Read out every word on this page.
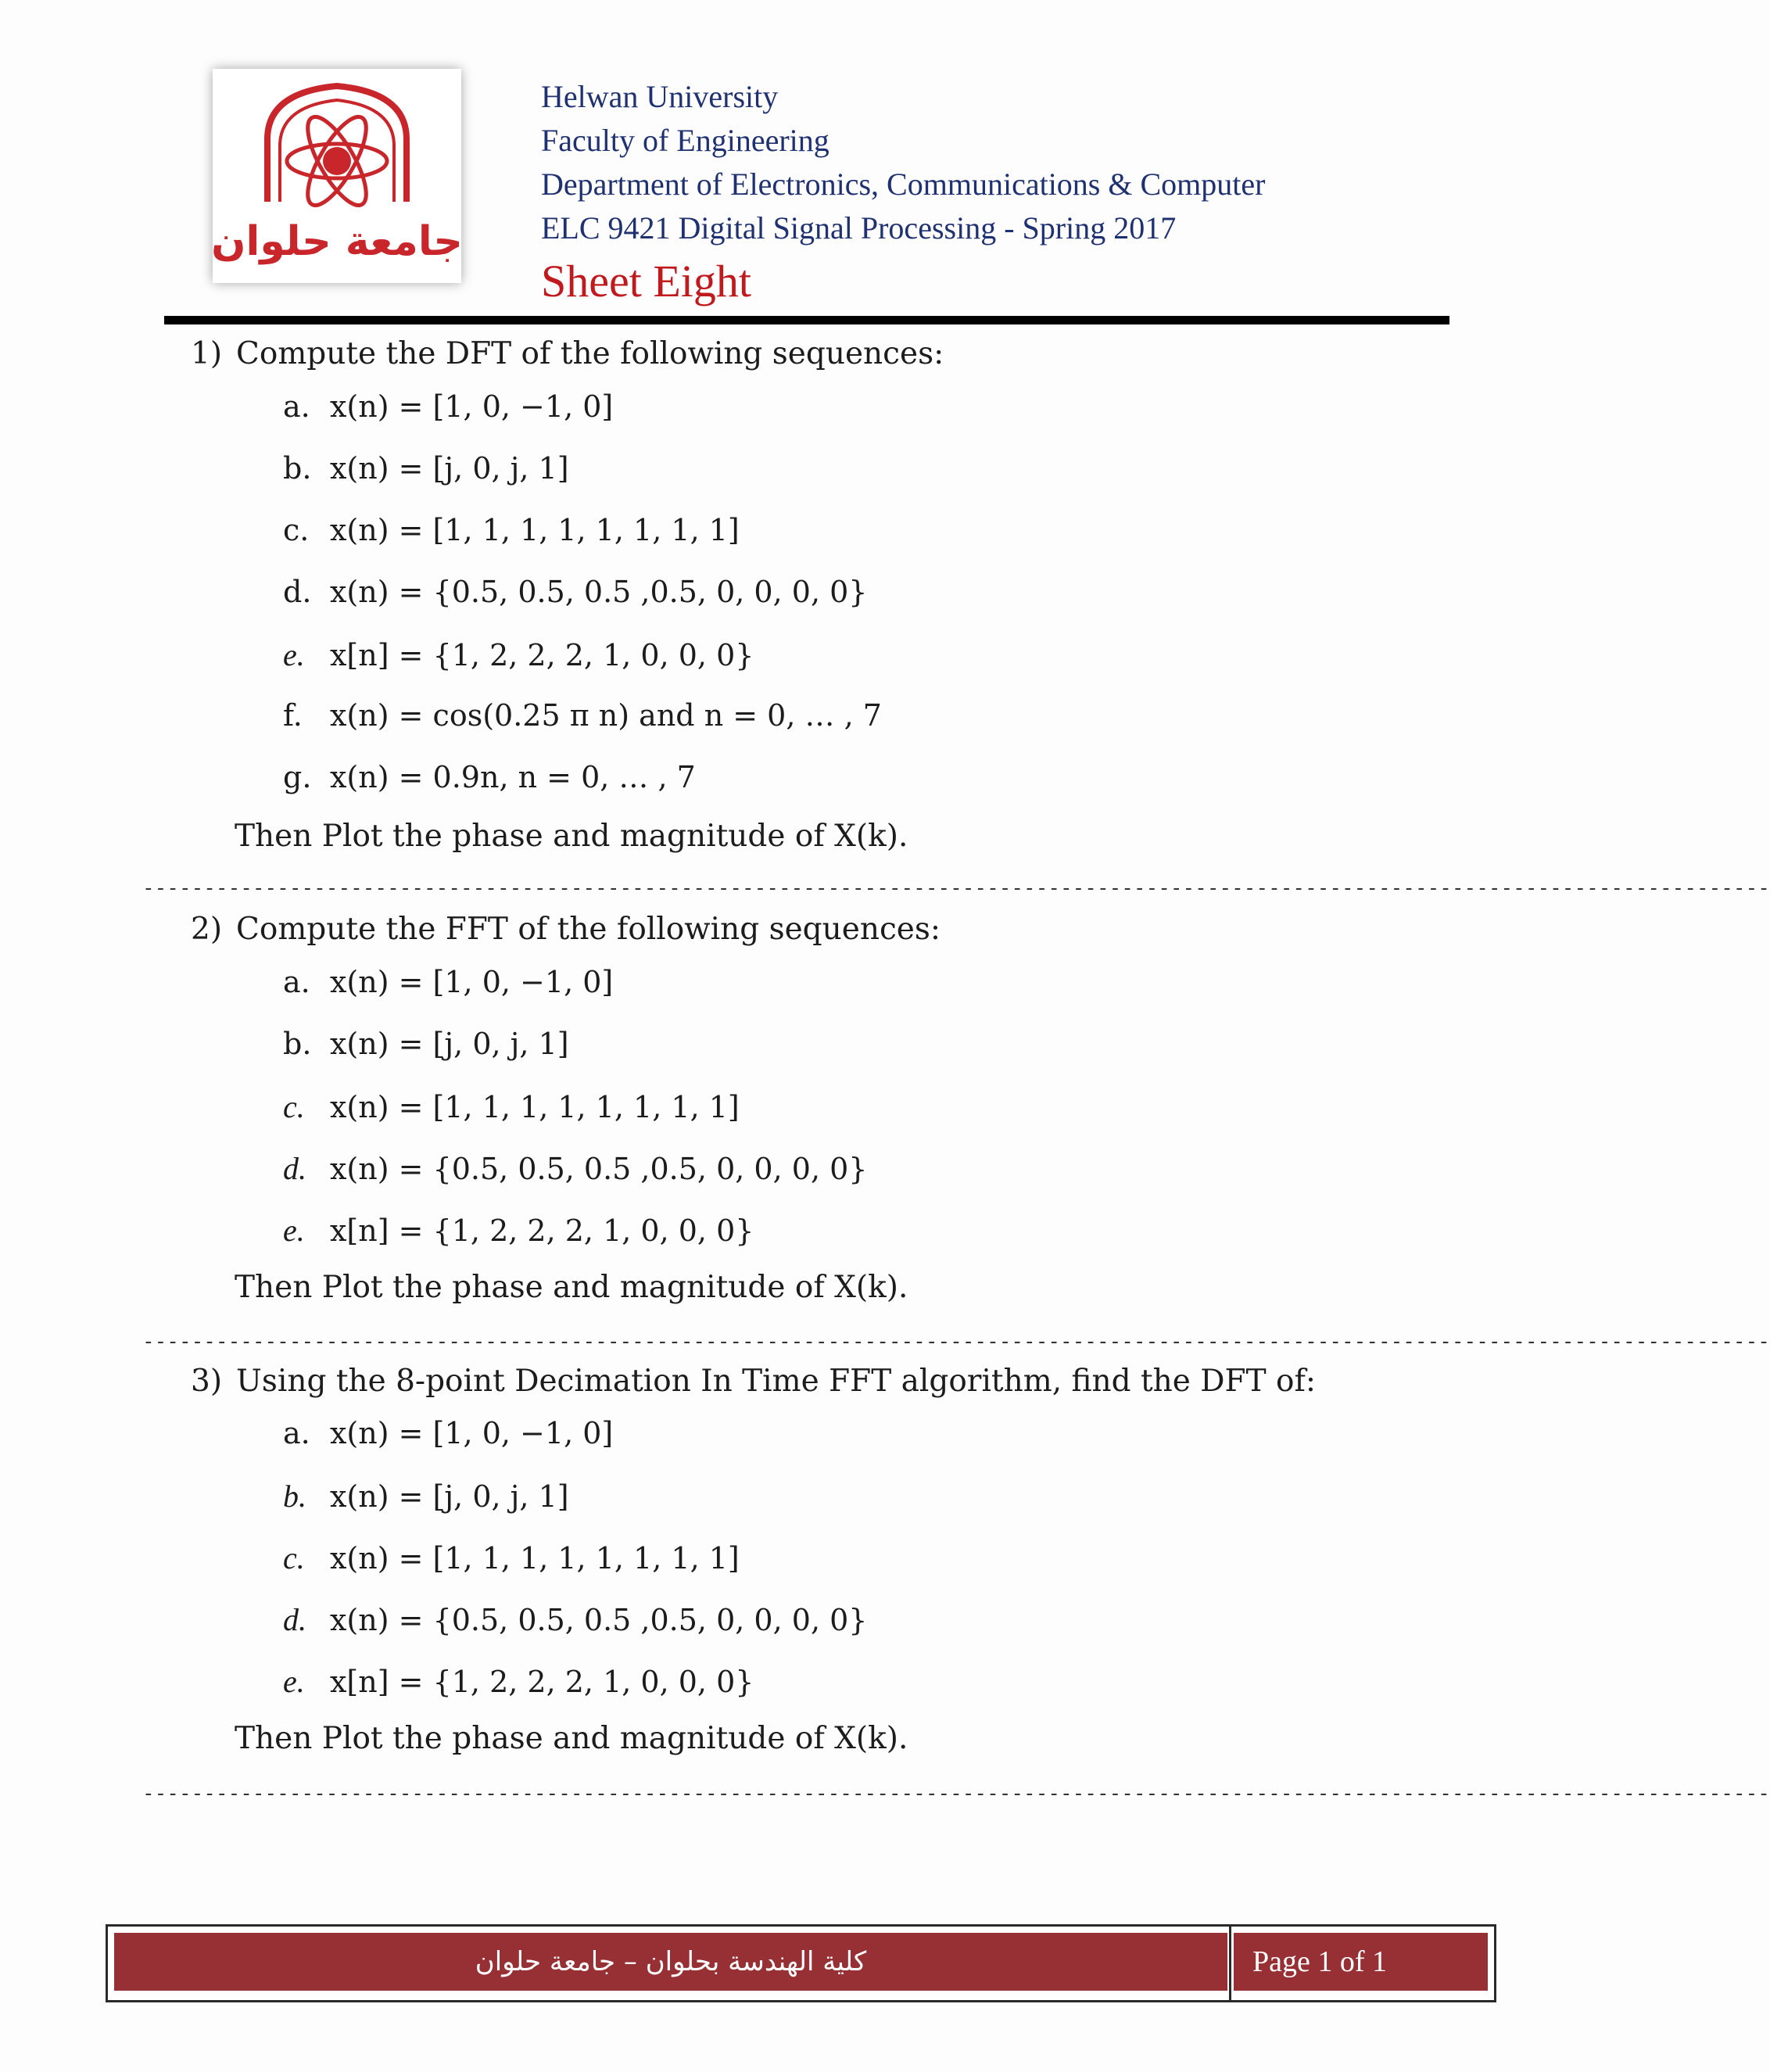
جامعة حلوان
Helwan University
Faculty of Engineering
Department of Electronics, Communications & Computer
ELC 9421 Digital Signal Processing - Spring 2017
Sheet Eight
1) Compute the DFT of the following sequences:
a. x(n) = [1, 0, −1, 0]
b. x(n) = [j, 0, j, 1]
c. x(n) = [1, 1, 1, 1, 1, 1, 1, 1]
d. x(n) = {0.5, 0.5, 0.5 ,0.5, 0, 0, 0, 0}
e. x[n] = {1, 2, 2, 2, 1, 0, 0, 0}
f. x(n) = cos(0.25 π n) and n = 0, … , 7
g. x(n) = 0.9n, n = 0, … , 7
Then Plot the phase and magnitude of X(k).
-------------------------------------------------------------------------------------------------------------------------------------
2) Compute the FFT of the following sequences:
a. x(n) = [1, 0, −1, 0]
b. x(n) = [j, 0, j, 1]
c. x(n) = [1, 1, 1, 1, 1, 1, 1, 1]
d. x(n) = {0.5, 0.5, 0.5 ,0.5, 0, 0, 0, 0}
e. x[n] = {1, 2, 2, 2, 1, 0, 0, 0}
Then Plot the phase and magnitude of X(k).
-------------------------------------------------------------------------------------------------------------------------------------
3) Using the 8-point Decimation In Time FFT algorithm, find the DFT of:
a. x(n) = [1, 0, −1, 0]
b. x(n) = [j, 0, j, 1]
c. x(n) = [1, 1, 1, 1, 1, 1, 1, 1]
d. x(n) = {0.5, 0.5, 0.5 ,0.5, 0, 0, 0, 0}
e. x[n] = {1, 2, 2, 2, 1, 0, 0, 0}
Then Plot the phase and magnitude of X(k).
-------------------------------------------------------------------------------------------------------------------------------------
كلية الهندسة بحلوان – جامعة حلوان	Page 1 of 1
